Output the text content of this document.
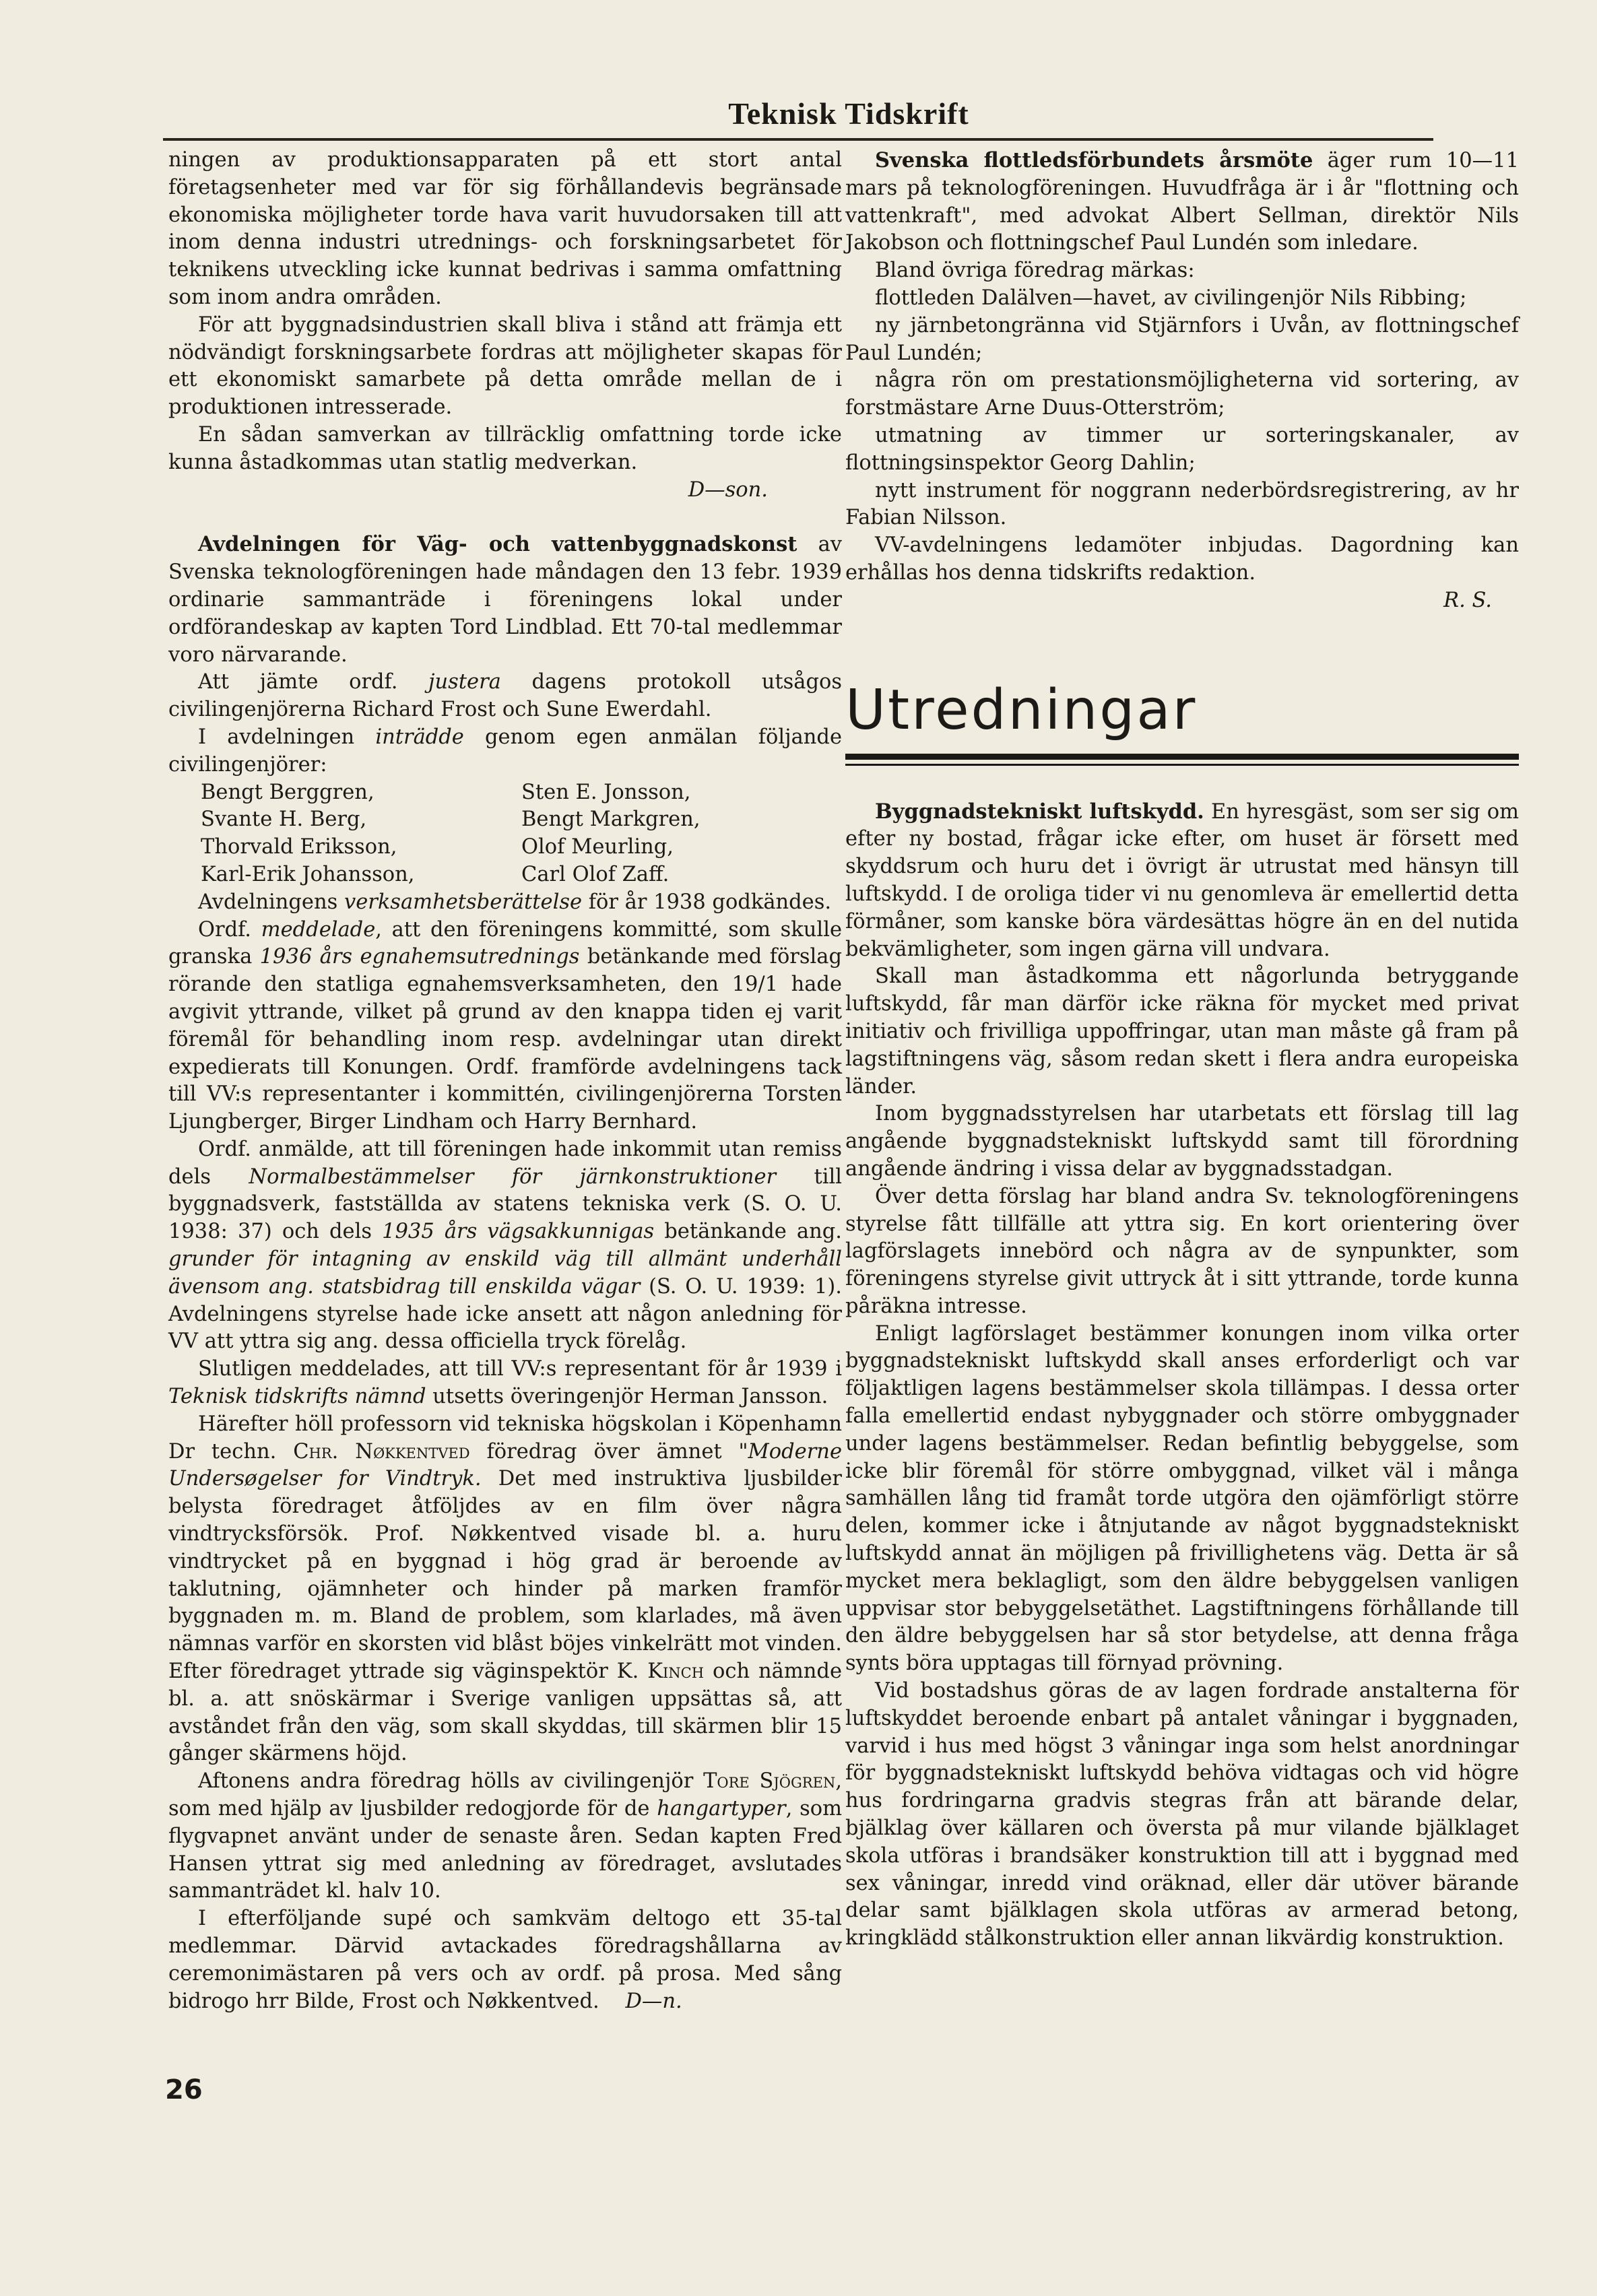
Teknisk Tidskrift

ningen av produktionsapparaten på ett stort antal företagsenheter med var för sig förhållandevis begränsade ekonomiska möjligheter torde hava varit huvudorsaken till att inom denna industri utrednings- och forskningsarbetet för teknikens utveckling icke kunnat bedrivas i samma omfattning som inom andra områden.

För att byggnadsindustrien skall bliva i stånd att främja ett nödvändigt forskningsarbete fordras att möjligheter skapas för ett ekonomiskt samarbete på detta område mellan de i produktionen intresserade.

En sådan samverkan av tillräcklig omfattning torde icke kunna åstadkommas utan statlig medverkan.

D—son.

Avdelningen för Väg- och vattenbyggnadskonst av Svenska teknologföreningen hade måndagen den 13 febr. 1939 ordinarie sammanträde i föreningens lokal under ordförandeskap av kapten Tord Lindblad. Ett 70-tal medlemmar voro närvarande.

Att jämte ordf. justera dagens protokoll utsågos civilingenjörerna Richard Frost och Sune Ewerdahl.

I avdelningen inträdde genom egen anmälan följande civilingenjörer:

Bengt Berggren,	Sten E. Jonsson,
Svante H. Berg,	Bengt Markgren,
Thorvald Eriksson,	Olof Meurling,
Karl-Erik Johansson,	Carl Olof Zaff.

Avdelningens verksamhetsberättelse för år 1938 godkändes.

Ordf. meddelade, att den föreningens kommitté, som skulle granska 1936 års egnahemsutrednings betänkande med förslag rörande den statliga egnahemsverksamheten, den 19/1 hade avgivit yttrande, vilket på grund av den knappa tiden ej varit föremål för behandling inom resp. avdelningar utan direkt expedierats till Konungen. Ordf. framförde avdelningens tack till VV:s representanter i kommittén, civilingenjörerna Torsten Ljungberger, Birger Lindham och Harry Bernhard.

Ordf. anmälde, att till föreningen hade inkommit utan remiss dels Normalbestämmelser för järnkonstruktioner till byggnadsverk, fastställda av statens tekniska verk (S. O. U. 1938: 37) och dels 1935 års vägsakkunnigas betänkande ang. grunder för intagning av enskild väg till allmänt underhåll ävensom ang. statsbidrag till enskilda vägar (S. O. U. 1939: 1). Avdelningens styrelse hade icke ansett att någon anledning för VV att yttra sig ang. dessa officiella tryck förelåg.

Slutligen meddelades, att till VV:s representant för år 1939 i Teknisk tidskrifts nämnd utsetts överingenjör Herman Jansson.

Härefter höll professorn vid tekniska högskolan i Köpenhamn Dr techn. Chr. Nøkkentved föredrag över ämnet "Moderne Undersøgelser for Vindtryk. Det med instruktiva ljusbilder belysta föredraget åtföljdes av en film över några vindtrycksförsök. Prof. Nøkkentved visade bl. a. huru vindtrycket på en byggnad i hög grad är beroende av taklutning, ojämnheter och hinder på marken framför byggnaden m. m. Bland de problem, som klarlades, må även nämnas varför en skorsten vid blåst böjes vinkelrätt mot vinden. Efter föredraget yttrade sig väginspektör K. Kinch och nämnde bl. a. att snöskärmar i Sverige vanligen uppsättas så, att avståndet från den väg, som skall skyddas, till skärmen blir 15 gånger skärmens höjd.

Aftonens andra föredrag hölls av civilingenjör Tore Sjögren, som med hjälp av ljusbilder redogjorde för de hangartyper, som flygvapnet använt under de senaste åren. Sedan kapten Fred Hansen yttrat sig med anledning av föredraget, avslutades sammanträdet kl. halv 10.

I efterföljande supé och samkväm deltogo ett 35-tal medlemmar. Därvid avtackades föredragshållarna av ceremonimästaren på vers och av ordf. på prosa. Med sång bidrogo hrr Bilde, Frost och Nøkkentved. D—n.

Svenska flottledsförbundets årsmöte äger rum 10—11 mars på teknologföreningen. Huvudfråga är i år "flottning och vattenkraft", med advokat Albert Sellman, direktör Nils Jakobson och flottningschef Paul Lundén som inledare.

Bland övriga föredrag märkas:

flottleden Dalälven—havet, av civilingenjör Nils Ribbing;

ny järnbetongränna vid Stjärnfors i Uvån, av flottningschef Paul Lundén;

några rön om prestationsmöjligheterna vid sortering, av forstmästare Arne Duus-Otterström;

utmatning av timmer ur sorteringskanaler, av flottningsinspektor Georg Dahlin;

nytt instrument för noggrann nederbördsregistrering, av hr Fabian Nilsson.

VV-avdelningens ledamöter inbjudas. Dagordning kan erhållas hos denna tidskrifts redaktion.

R. S.

Utredningar

Byggnadstekniskt luftskydd. En hyresgäst, som ser sig om efter ny bostad, frågar icke efter, om huset är försett med skyddsrum och huru det i övrigt är utrustat med hänsyn till luftskydd. I de oroliga tider vi nu genomleva är emellertid detta förmåner, som kanske böra värdesättas högre än en del nutida bekvämligheter, som ingen gärna vill undvara.

Skall man åstadkomma ett någorlunda betryggande luftskydd, får man därför icke räkna för mycket med privat initiativ och frivilliga uppoffringar, utan man måste gå fram på lagstiftningens väg, såsom redan skett i flera andra europeiska länder.

Inom byggnadsstyrelsen har utarbetats ett förslag till lag angående byggnadstekniskt luftskydd samt till förordning angående ändring i vissa delar av byggnadsstadgan.

Över detta förslag har bland andra Sv. teknologföreningens styrelse fått tillfälle att yttra sig. En kort orientering över lagförslagets innebörd och några av de synpunkter, som föreningens styrelse givit uttryck åt i sitt yttrande, torde kunna påräkna intresse.

Enligt lagförslaget bestämmer konungen inom vilka orter byggnadstekniskt luftskydd skall anses erforderligt och var följaktligen lagens bestämmelser skola tillämpas. I dessa orter falla emellertid endast nybyggnader och större ombyggnader under lagens bestämmelser. Redan befintlig bebyggelse, som icke blir föremål för större ombyggnad, vilket väl i många samhällen lång tid framåt torde utgöra den ojämförligt större delen, kommer icke i åtnjutande av något byggnadstekniskt luftskydd annat än möjligen på frivillighetens väg. Detta är så mycket mera beklagligt, som den äldre bebyggelsen vanligen uppvisar stor bebyggelsetäthet. Lagstiftningens förhållande till den äldre bebyggelsen har så stor betydelse, att denna fråga synts böra upptagas till förnyad prövning.

Vid bostadshus göras de av lagen fordrade anstalterna för luftskyddet beroende enbart på antalet våningar i byggnaden, varvid i hus med högst 3 våningar inga som helst anordningar för byggnadstekniskt luftskydd behöva vidtagas och vid högre hus fordringarna gradvis stegras från att bärande delar, bjälklag över källaren och översta på mur vilande bjälklaget skola utföras i brandsäker konstruktion till att i byggnad med sex våningar, inredd vind oräknad, eller där utöver bärande delar samt bjälklagen skola utföras av armerad betong, kringklädd stålkonstruktion eller annan likvärdig konstruktion.

26
